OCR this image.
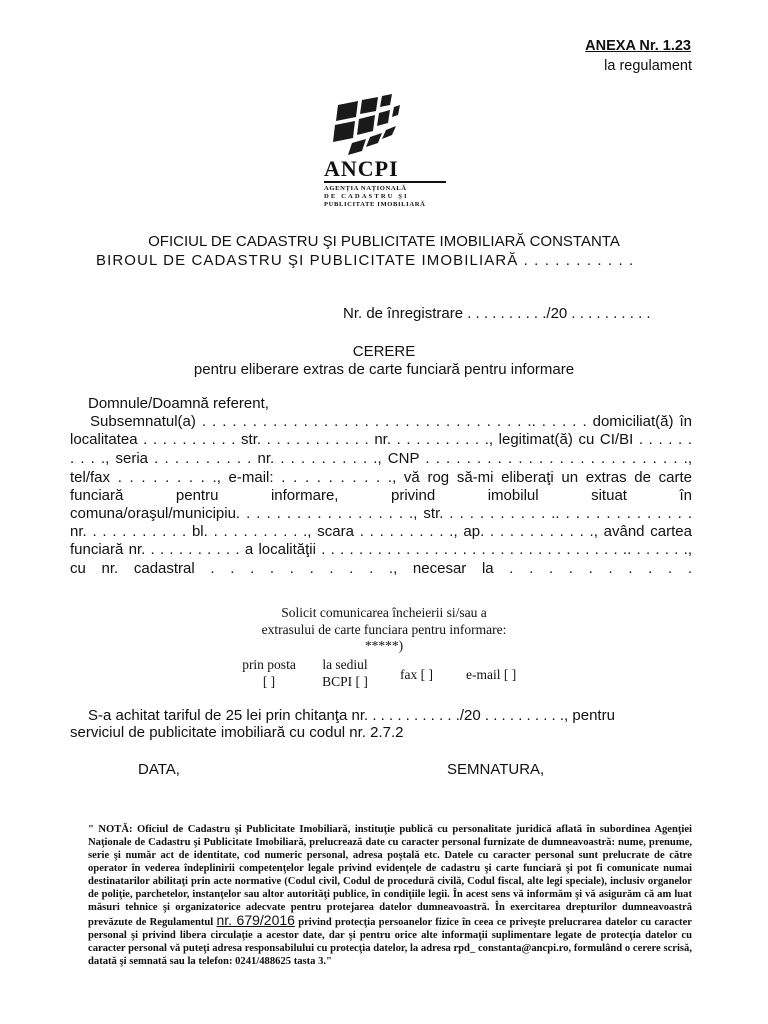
ANEXA Nr. 1.23
la regulament
ANCPI
AGENȚIA NAȚIONALĂ
DE CADASTRU ȘI
PUBLICITATE IMOBILIARĂ
OFICIUL DE CADASTRU ŞI PUBLICITATE IMOBILIARĂ CONSTANTA
BIROUL DE CADASTRU ŞI PUBLICITATE IMOBILIARĂ . . . . . . . . . . .
Nr. de înregistrare . . . . . . . . . ./20 . . . . . . . . . .
CERERE
pentru eliberare extras de carte funciară pentru informare
Domnule/Doamnă referent,
Subsemnatul(a) . . . . . . . . . . . . . . . . . . . . . . . . . . . . . . . . .. . . . . . domiciliat(ă) în
localitatea . . . . . . . . . . str. . . . . . . . . . . . nr. . . . . . . . . . ., legitimat(ă) cu CI/BI . . . . . .
. . . ., seria . . . . . . . . . . nr. . . . . . . . . . ., CNP . . . . . . . . . . . . . . . . . . . . . . . . . .,
tel/fax . . . . . . . . ., e-mail: . . . . . . . . . ., vă rog să-mi eliberaţi un extras de carte
funciară pentru informare, privind imobilul situat în
comuna/oraşul/municipiu. . . . . . . . . . . . . . . . . ., str. . . . . . . . . . . .. . . . . . . . . . . . . .
nr. . . . . . . . . . . bl. . . . . . . . . . ., scara . . . . . . . . . ., ap. . . . . . . . . . . ., având cartea
funciară nr. . . . . . . . . . . a localităţii . . . . . . . . . . . . . . . . . . . . . . . . . . . . . . . . .. . . . . . .,
cu nr. cadastral . . . . . . . . . ., necesar la . . . . . . . . . .
Solicit comunicarea încheierii si/sau a
extrasului de carte funciara pentru informare:
*****)
prin posta
[ ]
la sediul
BCPI [ ]	fax [ ] e-mail [ ]
S-a achitat tariful de 25 lei prin chitanţa nr. . . . . . . . . . . ./20 . . . . . . . . . ., pentru
serviciul de publicitate imobiliară cu codul nr. 2.7.2
DATA,	SEMNATURA,
" NOTĂ: Oficiul de Cadastru şi Publicitate Imobiliară, instituţie publică cu personalitate juridică aflată în subordinea Agenţiei Naţionale de Cadastru şi Publicitate Imobiliară, prelucrează date cu caracter personal furnizate de dumneavoastră: nume, prenume, serie şi număr act de identitate, cod numeric personal, adresa poştală etc. Datele cu caracter personal sunt prelucrate de către operator în vederea îndeplinirii competenţelor legale privind evidenţele de cadastru şi carte funciară şi pot fi comunicate numai destinatarilor abilitaţi prin acte normative (Codul civil, Codul de procedură civilă, Codul fiscal, alte legi speciale), inclusiv organelor de poliţie, parchetelor, instanţelor sau altor autorităţi publice, în condiţiile legii. În acest sens vă informăm şi vă asigurăm că am luat măsuri tehnice şi organizatorice adecvate pentru protejarea datelor dumneavoastră. În exercitarea drepturilor dumneavoastră prevăzute de Regulamentul nr. 679/2016 privind protecţia persoanelor fizice în ceea ce priveşte prelucrarea datelor cu caracter personal şi privind libera circulaţie a acestor date, dar şi pentru orice alte informaţii suplimentare legate de protecţia datelor cu caracter personal vă puteţi adresa responsabilului cu protecţia datelor, la adresa rpd_ constanta@ancpi.ro, formulând o cerere scrisă, datată şi semnată sau la telefon: 0241/488625 tasta 3."
